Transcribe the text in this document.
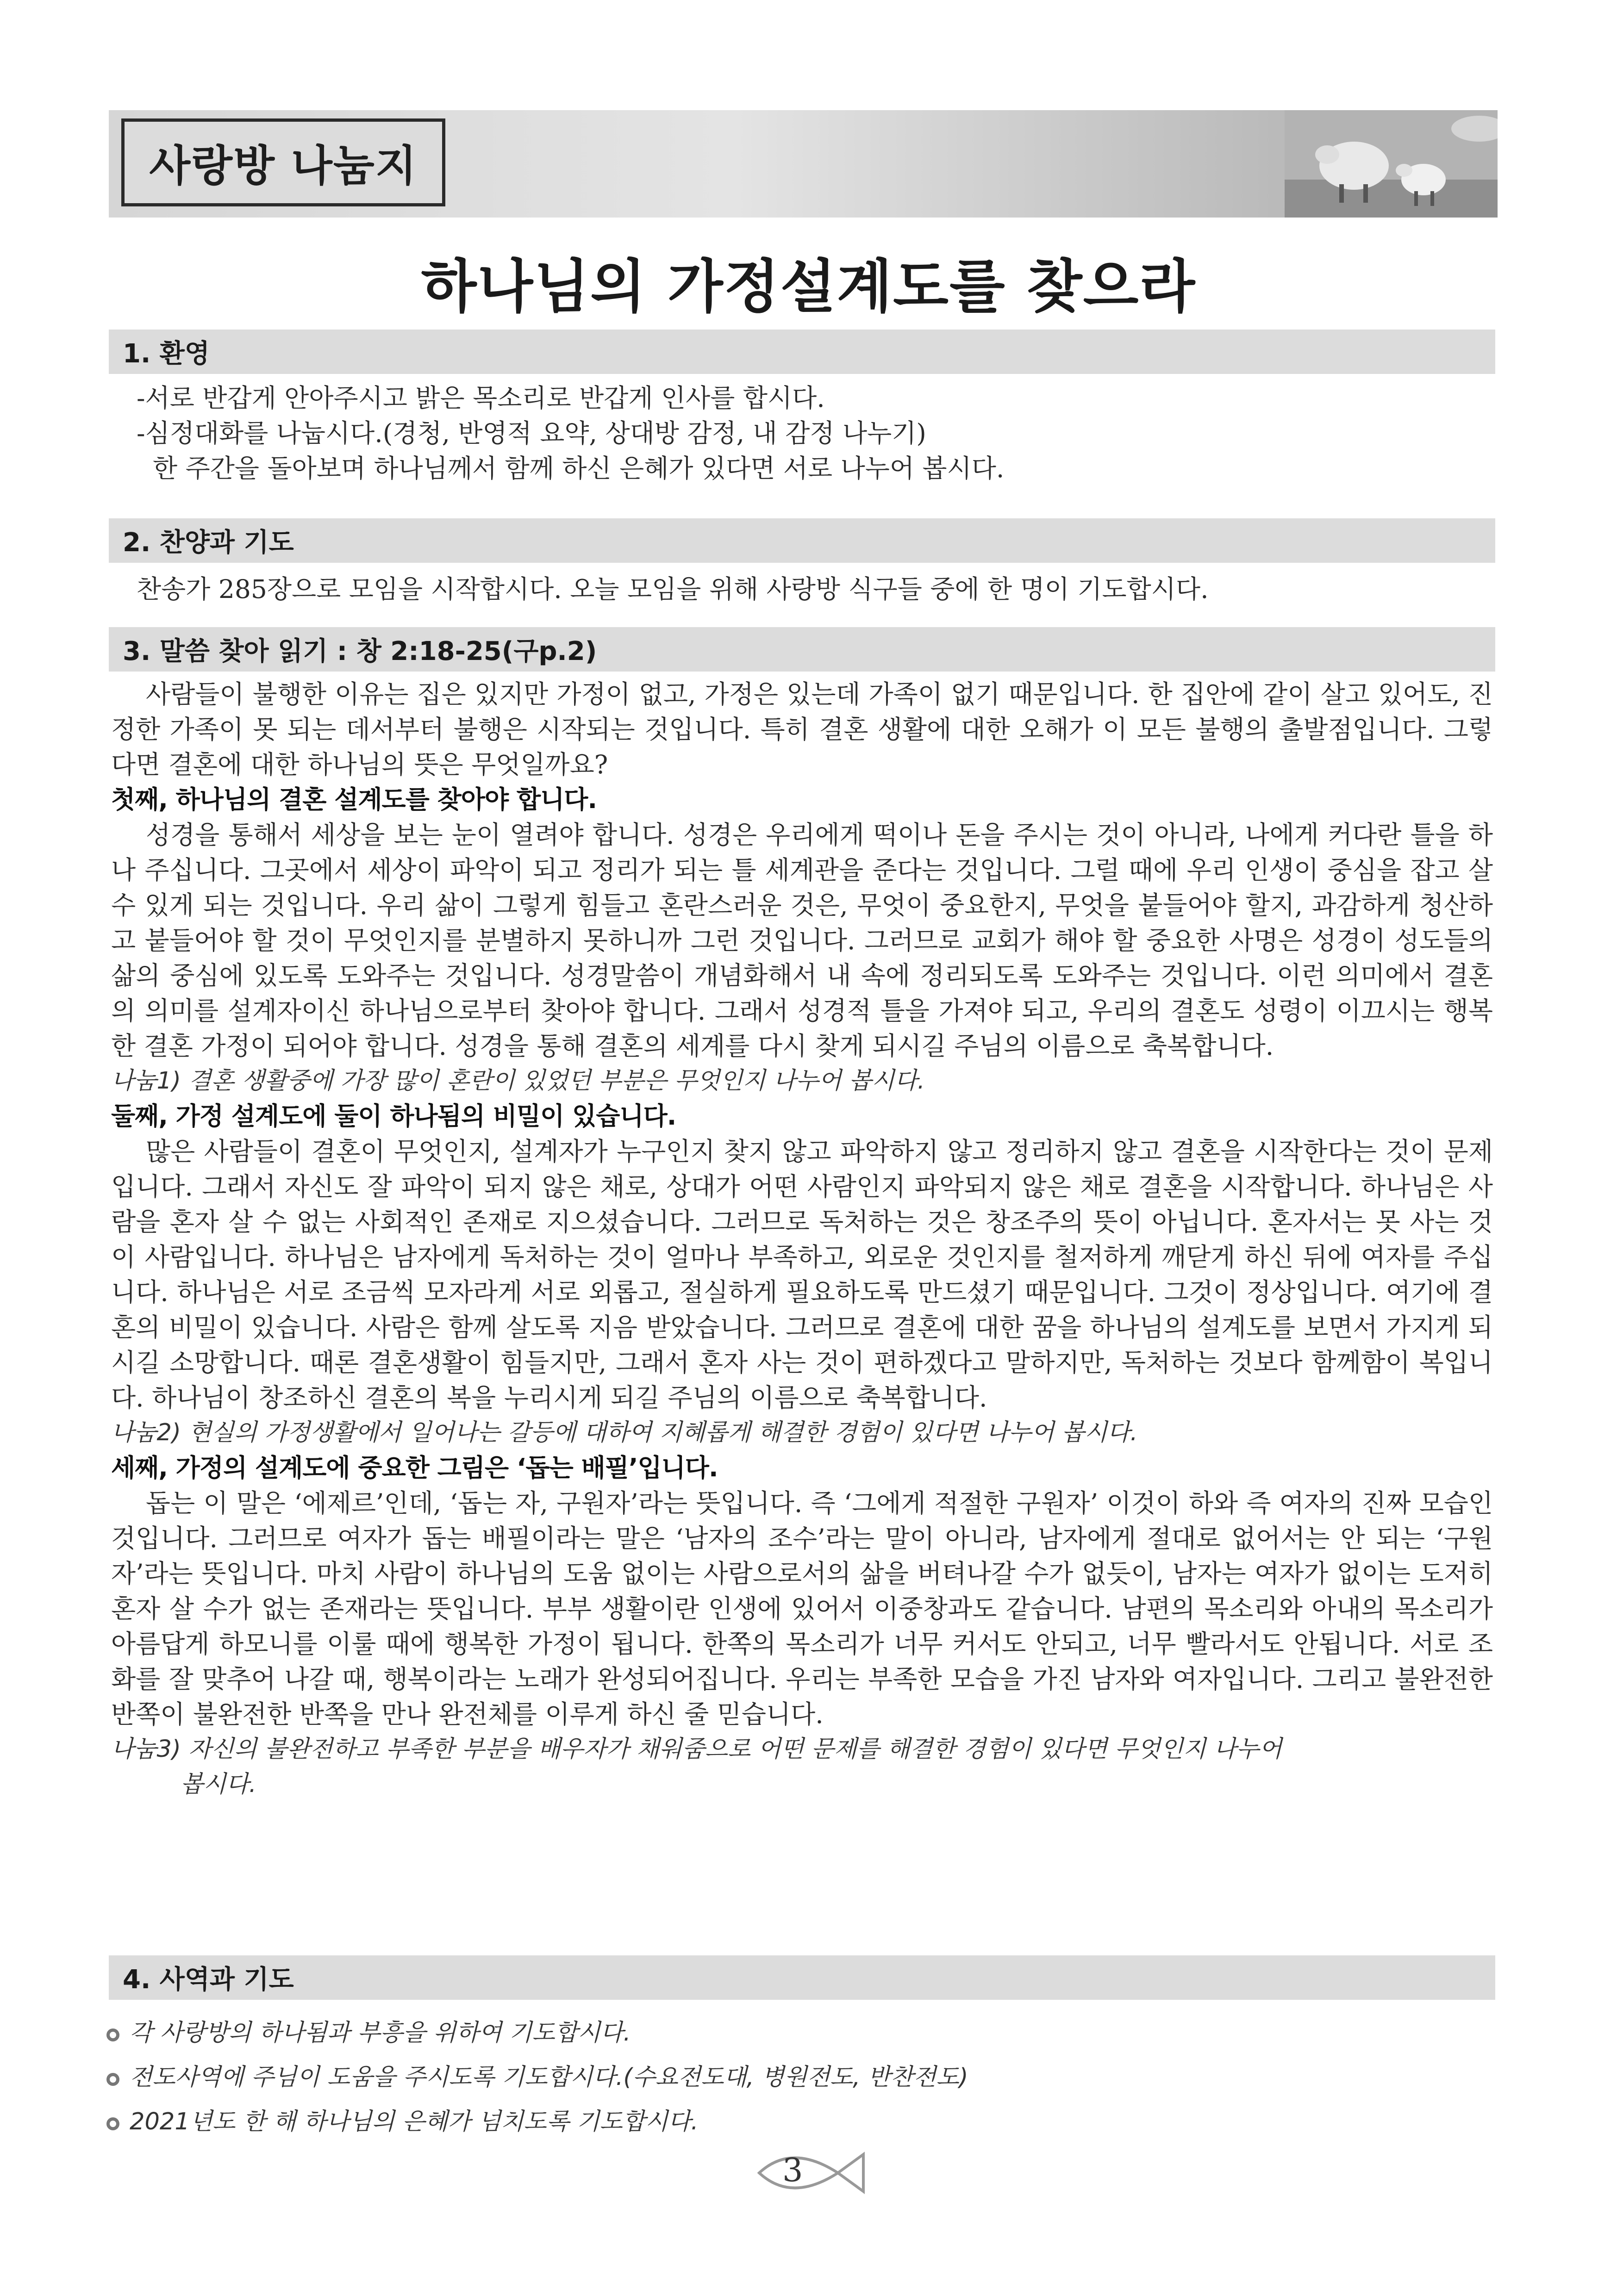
사랑방 나눔지
하나님의 가정설계도를 찾으라
1. 환영
-서로 반갑게 안아주시고 밝은 목소리로 반갑게 인사를 합시다.
-심정대화를 나눕시다.(경청, 반영적 요약, 상대방 감정, 내 감정 나누기)
한 주간을 돌아보며 하나님께서 함께 하신 은혜가 있다면 서로 나누어 봅시다.
2. 찬양과 기도
찬송가 285장으로 모임을 시작합시다. 오늘 모임을 위해 사랑방 식구들 중에 한 명이 기도합시다.
3. 말씀 찾아 읽기 : 창 2:18-25(구p.2)
사람들이 불행한 이유는 집은 있지만 가정이 없고, 가정은 있는데 가족이 없기 때문입니다. 한 집안에 같이 살고 있어도, 진정한 가족이 못 되는 데서부터 불행은 시작되는 것입니다. 특히 결혼 생활에 대한 오해가 이 모든 불행의 출발점입니다. 그렇다면 결혼에 대한 하나님의 뜻은 무엇일까요?
첫째, 하나님의 결혼 설계도를 찾아야 합니다.
성경을 통해서 세상을 보는 눈이 열려야 합니다. 성경은 우리에게 떡이나 돈을 주시는 것이 아니라, 나에게 커다란 틀을 하나 주십니다. 그곳에서 세상이 파악이 되고 정리가 되는 틀 세계관을 준다는 것입니다. 그럴 때에 우리 인생이 중심을 잡고 살 수 있게 되는 것입니다. 우리 삶이 그렇게 힘들고 혼란스러운 것은, 무엇이 중요한지, 무엇을 붙들어야 할지, 과감하게 청산하고 붙들어야 할 것이 무엇인지를 분별하지 못하니까 그런 것입니다. 그러므로 교회가 해야 할 중요한 사명은 성경이 성도들의 삶의 중심에 있도록 도와주는 것입니다. 성경말씀이 개념화해서 내 속에 정리되도록 도와주는 것입니다. 이런 의미에서 결혼의 의미를 설계자이신 하나님으로부터 찾아야 합니다. 그래서 성경적 틀을 가져야 되고, 우리의 결혼도 성령이 이끄시는 행복한 결혼 가정이 되어야 합니다. 성경을 통해 결혼의 세계를 다시 찾게 되시길 주님의 이름으로 축복합니다.
나눔1) 결혼 생활중에 가장 많이 혼란이 있었던 부분은 무엇인지 나누어 봅시다.
둘째, 가정 설계도에 둘이 하나됨의 비밀이 있습니다.
많은 사람들이 결혼이 무엇인지, 설계자가 누구인지 찾지 않고 파악하지 않고 정리하지 않고 결혼을 시작한다는 것이 문제입니다. 그래서 자신도 잘 파악이 되지 않은 채로, 상대가 어떤 사람인지 파악되지 않은 채로 결혼을 시작합니다. 하나님은 사람을 혼자 살 수 없는 사회적인 존재로 지으셨습니다. 그러므로 독처하는 것은 창조주의 뜻이 아닙니다. 혼자서는 못 사는 것이 사람입니다. 하나님은 남자에게 독처하는 것이 얼마나 부족하고, 외로운 것인지를 철저하게 깨닫게 하신 뒤에 여자를 주십니다. 하나님은 서로 조금씩 모자라게 서로 외롭고, 절실하게 필요하도록 만드셨기 때문입니다. 그것이 정상입니다. 여기에 결혼의 비밀이 있습니다. 사람은 함께 살도록 지음 받았습니다. 그러므로 결혼에 대한 꿈을 하나님의 설계도를 보면서 가지게 되시길 소망합니다. 때론 결혼생활이 힘들지만, 그래서 혼자 사는 것이 편하겠다고 말하지만, 독처하는 것보다 함께함이 복입니다. 하나님이 창조하신 결혼의 복을 누리시게 되길 주님의 이름으로 축복합니다.
나눔2) 현실의 가정생활에서 일어나는 갈등에 대하여 지혜롭게 해결한 경험이 있다면 나누어 봅시다.
세째, 가정의 설계도에 중요한 그림은 ‘돕는 배필’입니다.
돕는 이 말은 ‘에제르’인데, ‘돕는 자, 구원자’라는 뜻입니다. 즉 ‘그에게 적절한 구원자’ 이것이 하와 즉 여자의 진짜 모습인 것입니다. 그러므로 여자가 돕는 배필이라는 말은 ‘남자의 조수’라는 말이 아니라, 남자에게 절대로 없어서는 안 되는 ‘구원자’라는 뜻입니다. 마치 사람이 하나님의 도움 없이는 사람으로서의 삶을 버텨나갈 수가 없듯이, 남자는 여자가 없이는 도저히 혼자 살 수가 없는 존재라는 뜻입니다. 부부 생활이란 인생에 있어서 이중창과도 같습니다. 남편의 목소리와 아내의 목소리가 아름답게 하모니를 이룰 때에 행복한 가정이 됩니다. 한쪽의 목소리가 너무 커서도 안되고, 너무 빨라서도 안됩니다. 서로 조화를 잘 맞추어 나갈 때, 행복이라는 노래가 완성되어집니다. 우리는 부족한 모습을 가진 남자와 여자입니다. 그리고 불완전한 반쪽이 불완전한 반쪽을 만나 완전체를 이루게 하신 줄 믿습니다.
나눔3) 자신의 불완전하고 부족한 부분을 배우자가 채워줌으로 어떤 문제를 해결한 경험이 있다면 무엇인지 나누어
봅시다.
4. 사역과 기도
각 사랑방의 하나됨과 부흥을 위하여 기도합시다.
전도사역에 주님이 도움을 주시도록 기도합시다.(수요전도대, 병원전도, 반찬전도)
2021년도 한 해 하나님의 은혜가 넘치도록 기도합시다.
3
